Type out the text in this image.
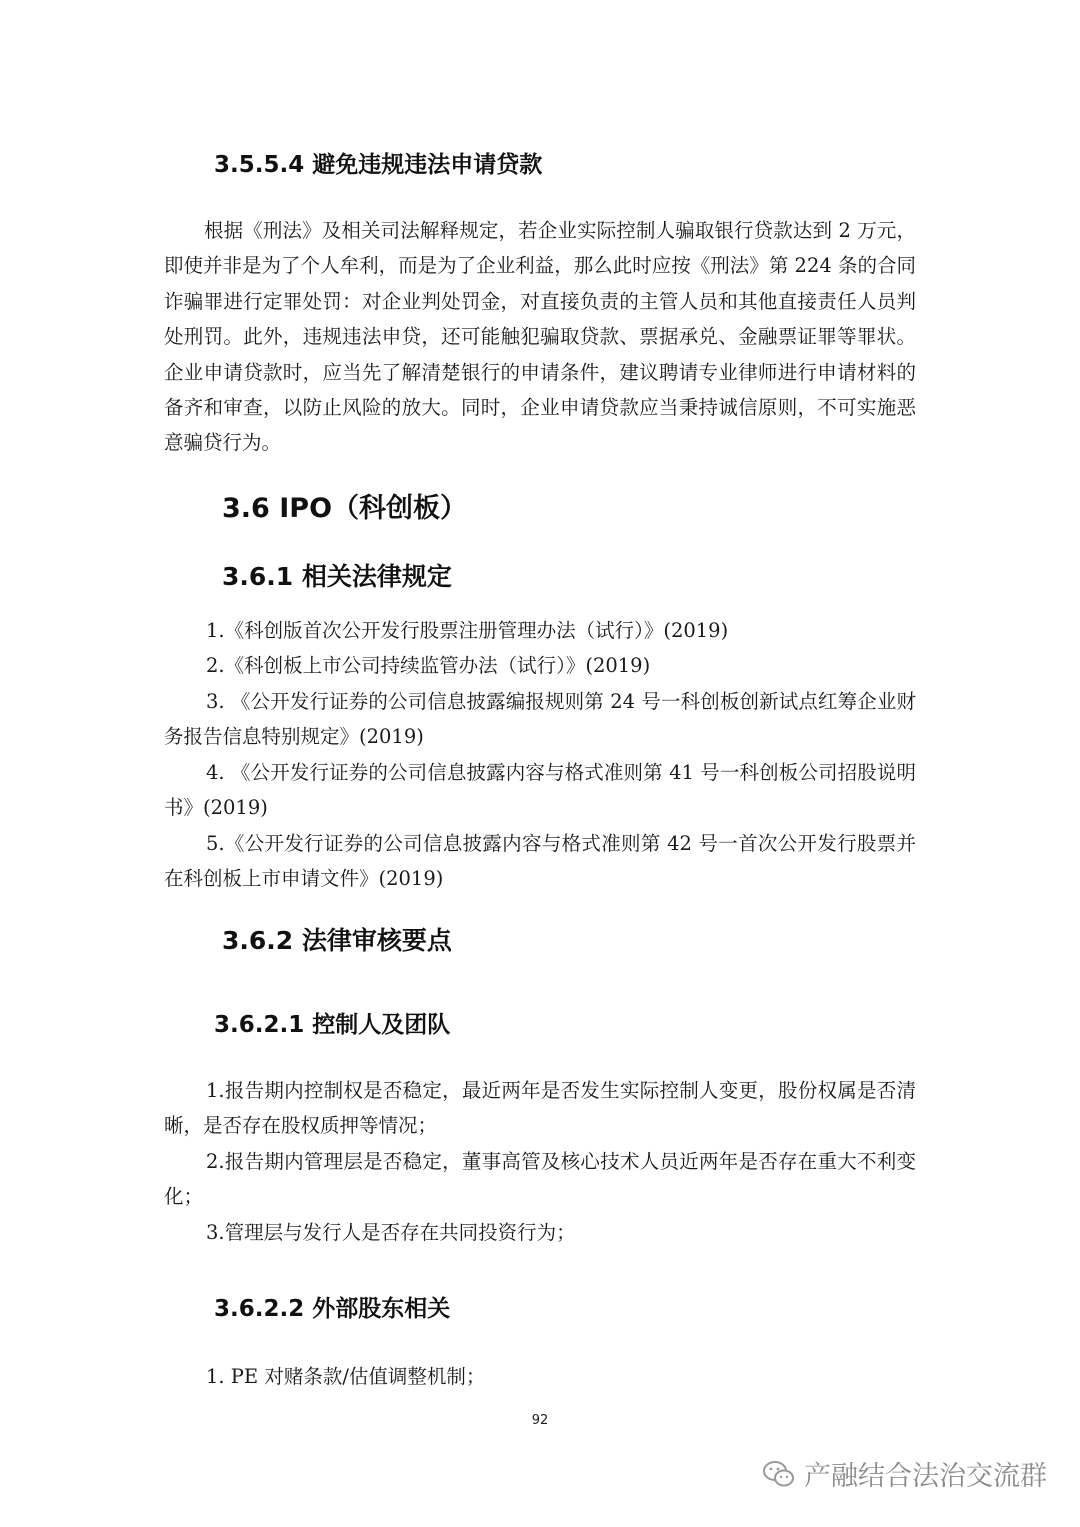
3.5.5.4 避免违规违法申请贷款

根据《刑法》及相关司法解释规定，若企业实际控制人骗取银行贷款达到 2 万元，即使并非是为了个人牟利，而是为了企业利益，那么此时应按《刑法》第 224 条的合同诈骗罪进行定罪处罚：对企业判处罚金，对直接负责的主管人员和其他直接责任人员判处刑罚。此外，违规违法申贷，还可能触犯骗取贷款、票据承兑、金融票证罪等罪状。企业申请贷款时，应当先了解清楚银行的申请条件，建议聘请专业律师进行申请材料的备齐和审查，以防止风险的放大。同时，企业申请贷款应当秉持诚信原则，不可实施恶意骗贷行为。

3.6 IPO（科创板）
3.6.1 相关法律规定

1.《科创版首次公开发行股票注册管理办法（试行）》(2019)

2.《科创板上市公司持续监管办法（试行）》(2019)

3. 《公开发行证券的公司信息披露编报规则第 24 号一科创板创新试点红筹企业财务报告信息特别规定》(2019)

4. 《公开发行证券的公司信息披露内容与格式准则第 41 号一科创板公司招股说明书》(2019)

5.《公开发行证券的公司信息披露内容与格式准则第 42 号一首次公开发行股票并在科创板上市申请文件》(2019)

3.6.2 法律审核要点
3.6.2.1 控制人及团队

1.报告期内控制权是否稳定，最近两年是否发生实际控制人变更，股份权属是否清晰，是否存在股权质押等情况；

2.报告期内管理层是否稳定，董事高管及核心技术人员近两年是否存在重大不利变化；

3.管理层与发行人是否存在共同投资行为；

3.6.2.2 外部股东相关

1. PE 对赌条款/估值调整机制；

92
产融结合法治交流群
